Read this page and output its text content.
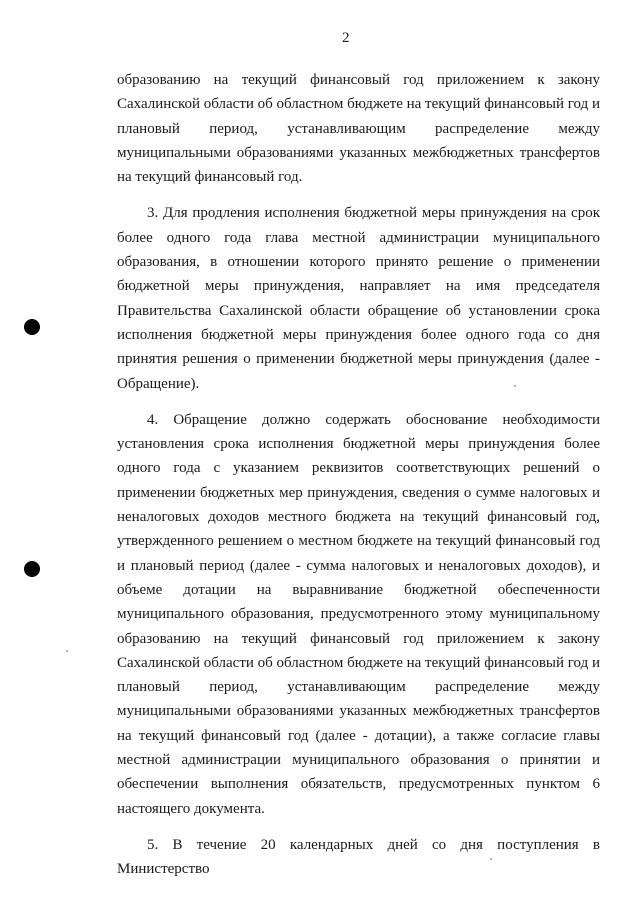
2

образованию на текущий финансовый год приложением к закону Сахалинской области об областном бюджете на текущий финансовый год и плановый период, устанавливающим распределение между муниципальными образованиями указанных межбюджетных трансфертов на текущий финансовый год.

3. Для продления исполнения бюджетной меры принуждения на срок более одного года глава местной администрации муниципального образования, в отношении которого принято решение о применении бюджетной меры принуждения, направляет на имя председателя Правительства Сахалинской области обращение об установлении срока исполнения бюджетной меры принуждения более одного года со дня принятия решения о применении бюджетной меры принуждения (далее - Обращение).

4. Обращение должно содержать обоснование необходимости установления срока исполнения бюджетной меры принуждения более одного года с указанием реквизитов соответствующих решений о применении бюджетных мер принуждения, сведения о сумме налоговых и неналоговых доходов местного бюджета на текущий финансовый год, утвержденного решением о местном бюджете на текущий финансовый год и плановый период (далее - сумма налоговых и неналоговых доходов), и объеме дотации на выравнивание бюджетной обеспеченности муниципального образования, предусмотренного этому муниципальному образованию на текущий финансовый год приложением к закону Сахалинской области об областном бюджете на текущий финансовый год и плановый период, устанавливающим распределение между муниципальными образованиями указанных межбюджетных трансфертов на текущий финансовый год (далее - дотации), а также согласие главы местной администрации муниципального образования о принятии и обеспечении выполнения обязательств, предусмотренных пунктом 6 настоящего документа.

5. В течение 20 календарных дней со дня поступления в Министерство
